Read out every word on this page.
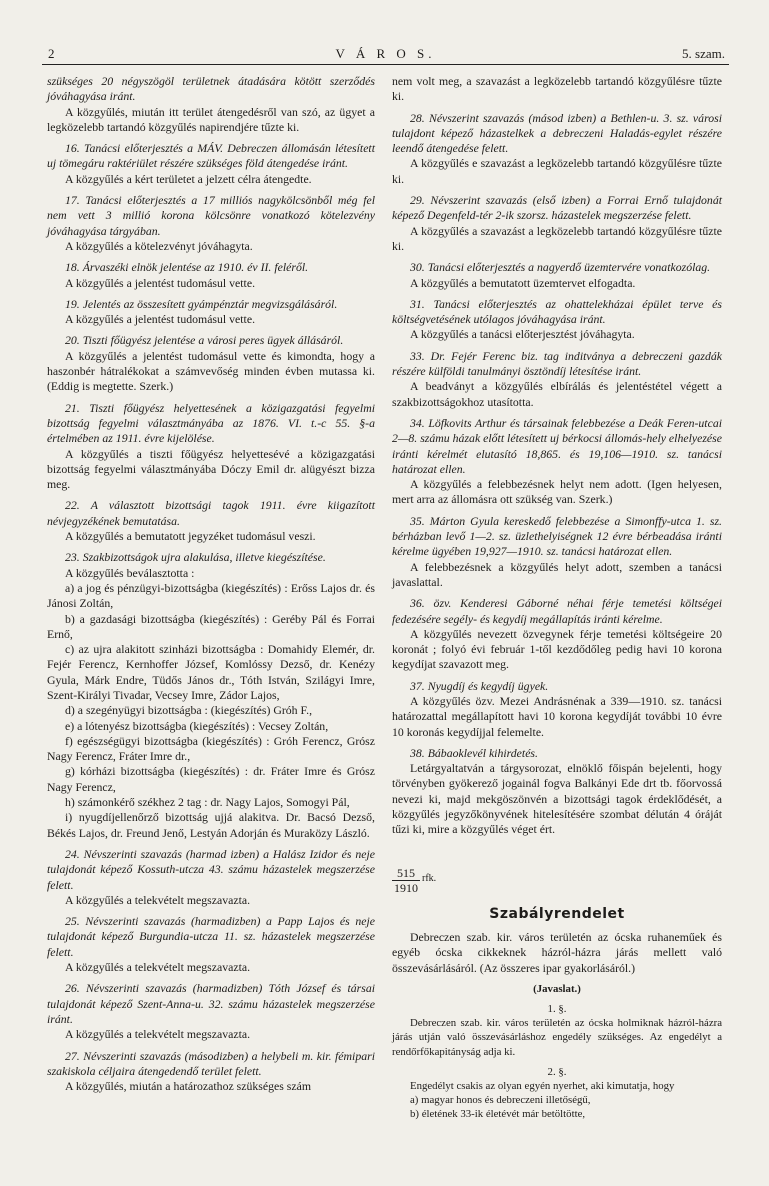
2	V Á R O S.	5. szam.

szükséges 20 négyszögöl területnek átadására kötött szerződés jóváhagyása iránt.

A közgyűlés, miután itt terület átengedésről van szó, az ügyet a legközelebb tartandó közgyűlés napirendjére tűzte ki.

16. Tanácsi előterjesztés a MÁV. Debreczen állomásán létesített uj tömegáru raktériület részére szükséges föld átengedése iránt.

A közgyűlés a kért területet a jelzett célra átengedte.

17. Tanácsi előterjesztés a 17 milliós nagykölcsönből még fel nem vett 3 millió korona kölcsönre vonatkozó kötelezvény jóváhagyása tárgyában.

A közgyűlés a kötelezvényt jóváhagyta.

18. Árvaszéki elnök jelentése az 1910. év II. feléről.

A közgyűlés a jelentést tudomásul vette.

19. Jelentés az összesített gyámpénztár megvizsgálásáról.

A közgyűlés a jelentést tudomásul vette.

20. Tiszti főügyész jelentése a városi peres ügyek állásáról.

A közgyűlés a jelentést tudomásul vette és kimondta, hogy a haszonbér hátralékokat a számvevőség minden évben mutassa ki. (Eddig is megtette. Szerk.)

21. Tiszti főügyész helyettesének a közigazgatási fegyelmi bizottság fegyelmi választmányába az 1876. VI. t.-c 55. §-a értelmében az 1911. évre kijelölése.

A közgyűlés a tiszti főügyész helyettesévé a közigazgatási bizottság fegyelmi választmányába Dóczy Emil dr. alügyészt bizza meg.

22. A választott bizottsági tagok 1911. évre kiigazított névjegyzékének bemutatása.

A közgyűlés a bemutatott jegyzéket tudomásul veszi.

23. Szakbizottságok ujra alakulása, illetve kiegészítése.

A közgyűlés beválasztotta :

a) a jog és pénzügyi-bizottságba (kiegészítés) : Erőss Lajos dr. és Jánosi Zoltán,

b) a gazdasági bizottságba (kiegészítés) : Geréby Pál és Forrai Ernő,

c) az ujra alakitott szinházi bizottságba : Domahidy Elemér, dr. Fejér Ferencz, Kernhoffer József, Komlóssy Dezső, dr. Kenézy Gyula, Márk Endre, Tüdős János dr., Tóth István, Szilágyi Imre, Szent-Királyi Tivadar, Vecsey Imre, Zádor Lajos,

d) a szegényügyi bizottságba : (kiegészítés) Gróh F.,

e) a lótenyész bizottságba (kiegészítés) : Vecsey Zoltán,

f) egészségügyi bizottságba (kiegészítés) : Gróh Ferencz, Grósz Nagy Ferencz, Fráter Imre dr.,

g) kórházi bizottságba (kiegészítés) : dr. Fráter Imre és Grósz Nagy Ferencz,

h) számonkérő székhez 2 tag : dr. Nagy Lajos, Somogyi Pál,

i) nyugdíjellenőrző bizottság ujjá alakitva. Dr. Bacsó Dezső, Békés Lajos, dr. Freund Jenő, Lestyán Adorján és Muraközy László.

24. Névszerinti szavazás (harmad izben) a Halász Izidor és neje tulajdonát képező Kossuth-utcza 43. számu házastelek megszerzése felett.

A közgyűlés a telekvételt megszavazta.

25. Névszerinti szavazás (harmadizben) a Papp Lajos és neje tulajdonát képező Burgundia-utcza 11. sz. házastelek megszerzése felett.

A közgyűlés a telekvételt megszavazta.

26. Névszerinti szavazás (harmadizben) Tóth József és társai tulajdonát képező Szent-Anna-u. 32. számu házastelek megszerzése iránt.

A közgyűlés a telekvételt megszavazta.

27. Névszerinti szavazás (másodizben) a helybeli m. kir. fémipari szakiskola céljaira átengedendő terület felett.

A közgyűlés, miután a határozathoz szükséges szám

nem volt meg, a szavazást a legközelebb tartandó közgyűlésre tűzte ki.

28. Névszerint szavazás (másod izben) a Bethlen-u. 3. sz. városi tulajdont képező házastelkek a debreczeni Haladás-egylet részére leendő átengedése felett.

A közgyűlés e szavazást a legközelebb tartandó közgyűlésre tűzte ki.

29. Névszerint szavazás (első izben) a Forrai Ernő tulajdonát képező Degenfeld-tér 2-ik szorsz. házastelek megszerzése felett.

A közgyűlés a szavazást a legközelebb tartandó közgyűlésre tűzte ki.

30. Tanácsi előterjesztés a nagyerdő üzemtervére vonatkozólag.

A közgyűlés a bemutatott üzemtervet elfogadta.

31. Tanácsi előterjesztés az ohattelekházai épület terve és költségvetésének utólagos jóváhagyása iránt.

A közgyűlés a tanácsi előterjesztést jóváhagyta.

33. Dr. Fejér Ferenc biz. tag inditványa a debreczeni gazdák részére külföldi tanulmányi ösztöndíj létesítése iránt.

A beadványt a közgyűlés elbírálás és jelentéstétel végett a szakbizottságokhoz utasította.

34. Löfkovits Arthur és társainak felebbezése a Deák Feren-utcai 2—8. számu házak előtt létesített uj bérkocsi állomás-hely elhelyezése iránti kérelmét elutasító 18,865. és 19,106—1910. sz. tanácsi határozat ellen.

A közgyűlés a felebbezésnek helyt nem adott. (Igen helyesen, mert arra az állomásra ott szükség van. Szerk.)

35. Márton Gyula kereskedő felebbezése a Simonffy-utca 1. sz. bérházban levő 1—2. sz. üzlethelyiségnek 12 évre bérbeadása iránti kérelme ügyében 19,927—1910. sz. tanácsi határozat ellen.

A felebbezésnek a közgyűlés helyt adott, szemben a tanácsi javaslattal.

36. özv. Kenderesi Gáborné néhai férje temetési költségei fedezésére segély- és kegydíj megállapítás iránti kérelme.

A közgyűlés nevezett özvegynek férje temetési költségeire 20 koronát ; folyó évi február 1-től kezdődőleg pedig havi 10 korona kegydíjat szavazott meg.

37. Nyugdíj és kegydíj ügyek.

A közgyűlés özv. Mezei Andrásnénak a 339—1910. sz. tanácsi határozattal megállapított havi 10 korona kegydíját további 10 évre 10 koronás kegydíjjal felemelte.

38. Bábaoklevél kihirdetés.

Letárgyaltatván a tárgysorozat, elnöklő főispán bejelenti, hogy törvényben gyökerező jogainál fogva Balkányi Ede drt tb. főorvossá nevezi ki, majd mekgöszönvén a bizottsági tagok érdeklődését, a közgyűlés jegyzőkönyvének hitelesítésére szombat délután 4 óráját tűzi ki, mire a közgyűlés véget ért.

$\frac{515}{1910}$ rfk.
Szabályrendelet

Debreczen szab. kir. város területén az ócska ruhaneműek és egyéb ócska cikkeknek házról-házra járás mellett való összevásárlásáról. (Az összeres ipar gyakorlásáról.)

(Javaslat.)

1. §.

Debreczen szab. kir. város területén az ócska holmiknak házról-házra járás utján való összevásárláshoz engedély szükséges. Az engedélyt a rendőrfőkapitányság adja ki.

2. §.

Engedélyt csakis az olyan egyén nyerhet, aki kimutatja, hogy

a) magyar honos és debreczeni illetőségű,

b) életének 33-ik életévét már betöltötte,
